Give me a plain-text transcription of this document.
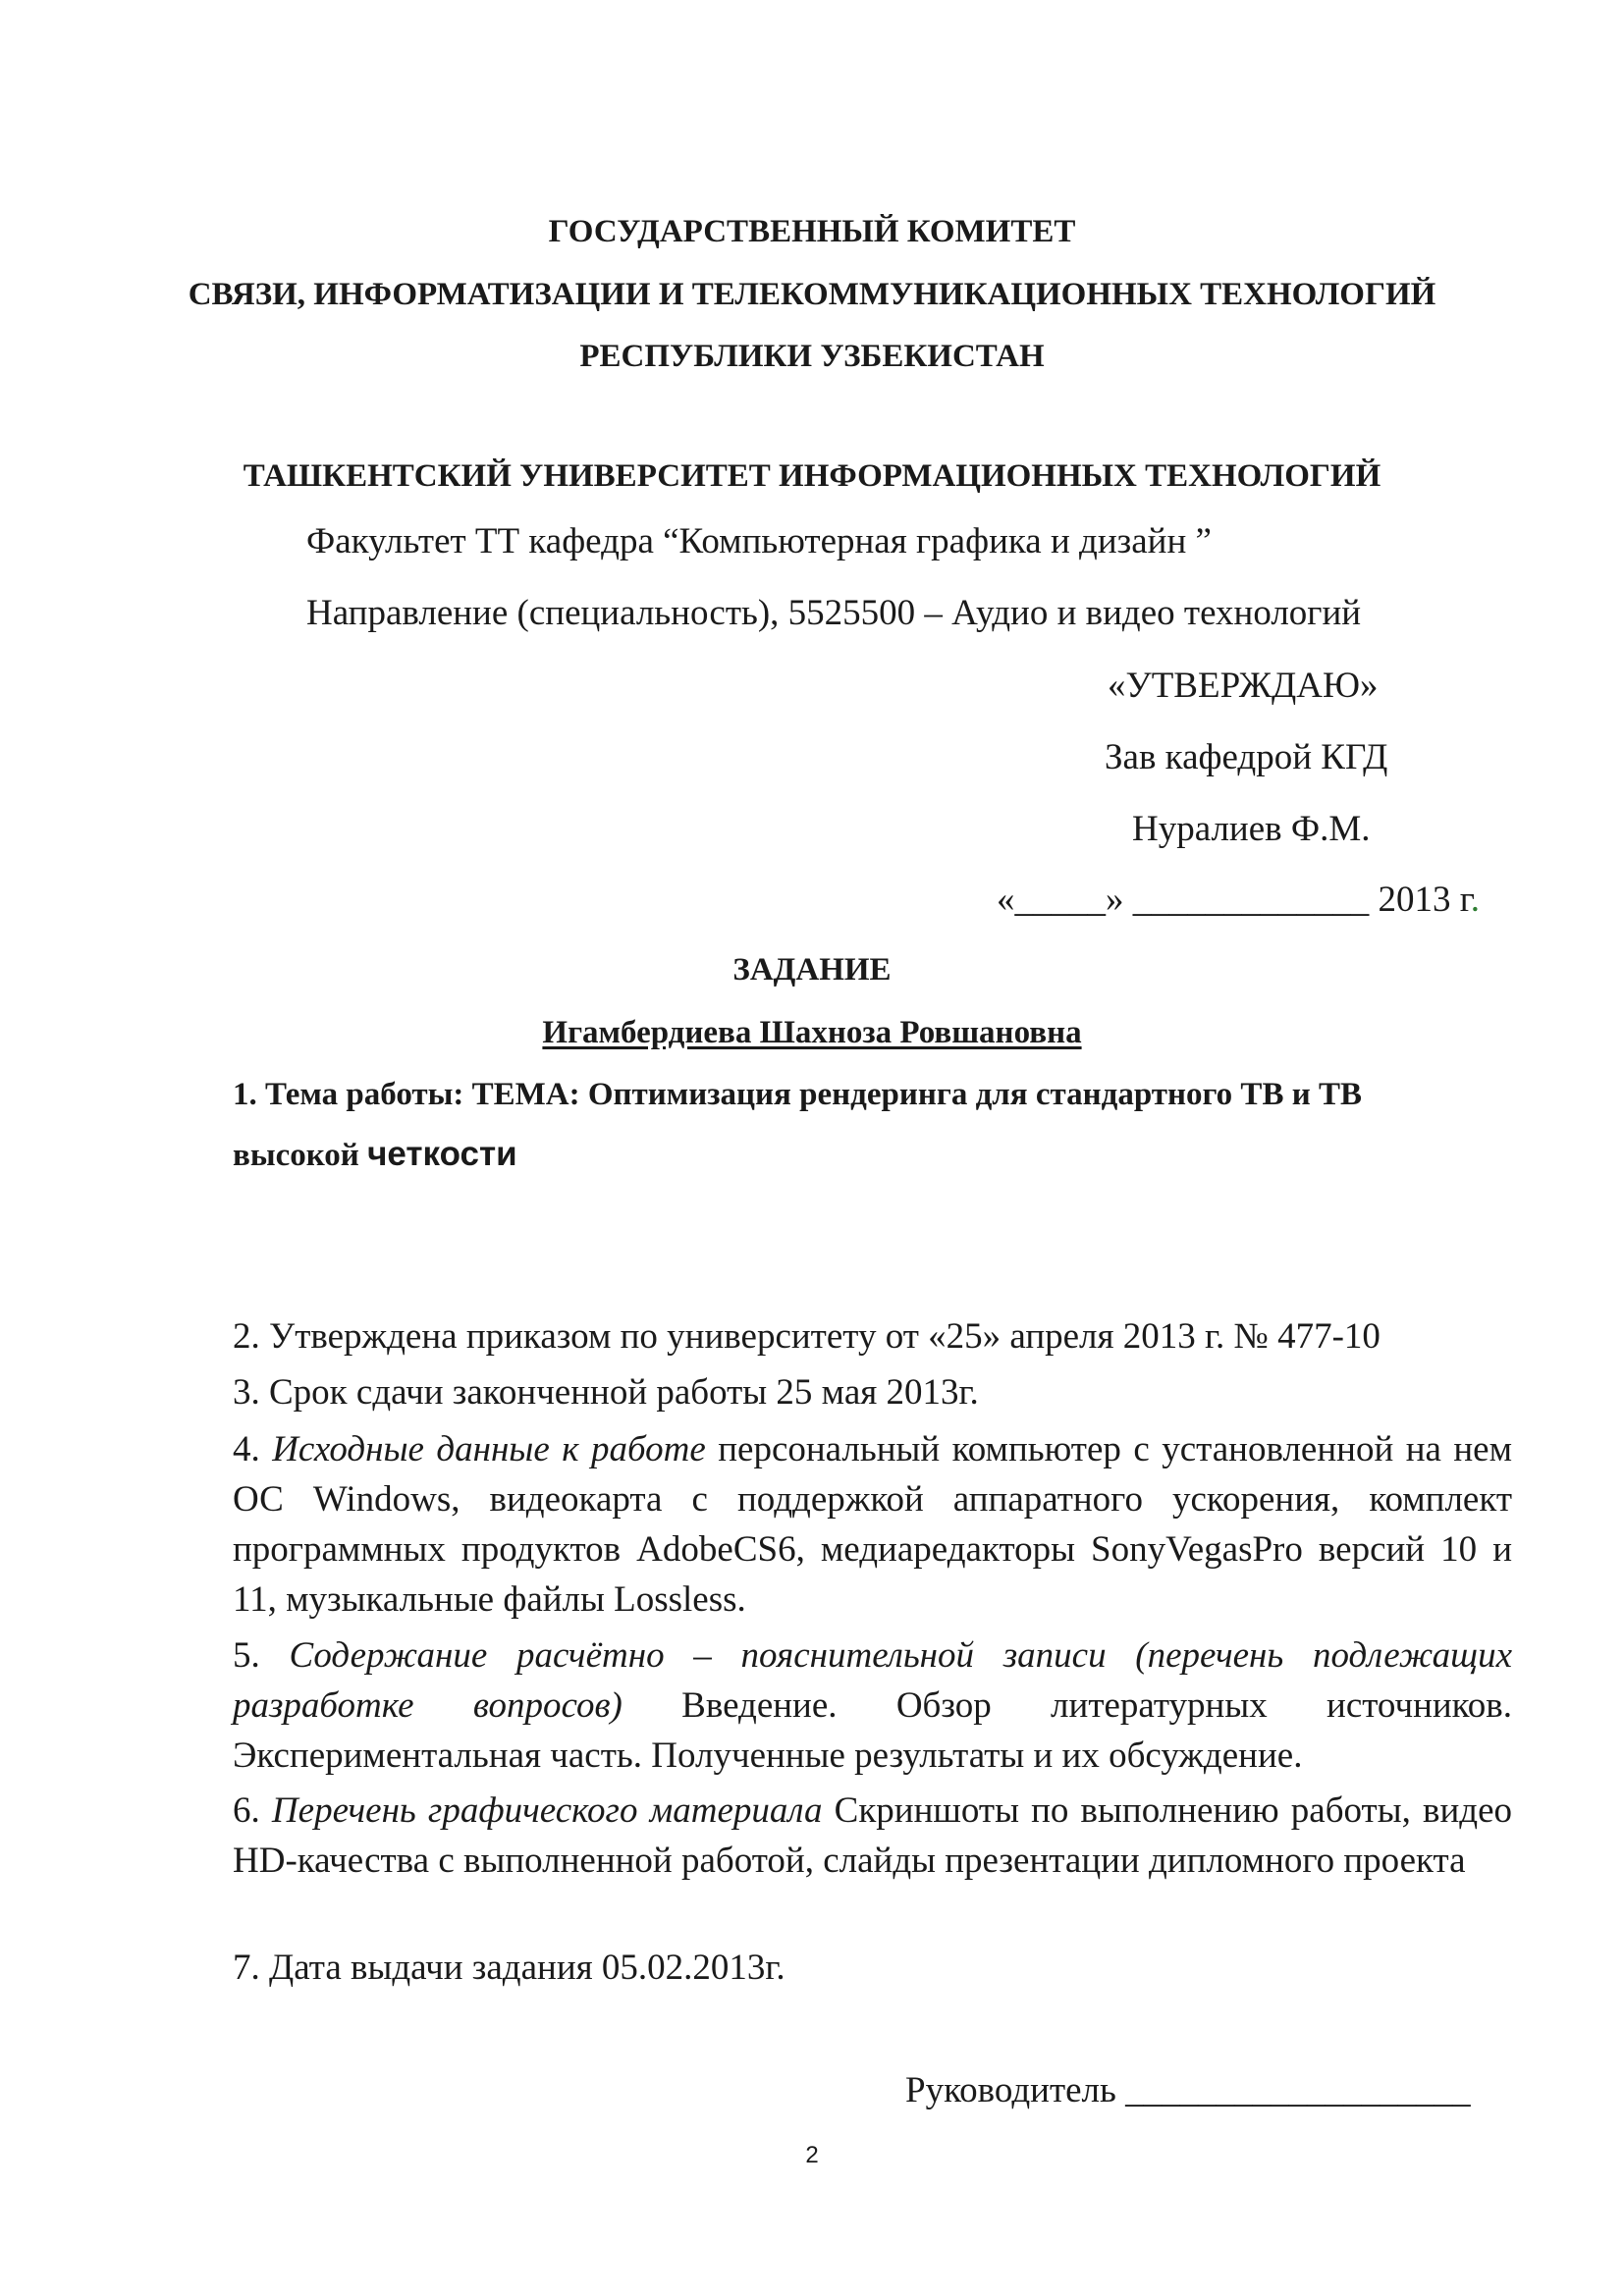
ГОСУДАРСТВЕННЫЙ КОМИТЕТ
СВЯЗИ, ИНФОРМАТИЗАЦИИ И ТЕЛЕКОММУНИКАЦИОННЫХ ТЕХНОЛОГИЙ
РЕСПУБЛИКИ УЗБЕКИСТАН
ТАШКЕНТСКИЙ УНИВЕРСИТЕТ ИНФОРМАЦИОННЫХ ТЕХНОЛОГИЙ
Факультет ТТ кафедра “Компьютерная графика и дизайн ”
Направление (специальность), 5525500 – Аудио и видео технологий
«УТВЕРЖДАЮ»
Зав кафедрой КГД
Нуралиев Ф.М.
«_____» _____________ 2013 г.
ЗАДАНИЕ
Игамбердиева Шахноза Ровшановна
1. Тема работы: ТЕМА: Оптимизация рендеринга для стандартного ТВ и ТВ
высокой четкости
2. Утверждена приказом по университету от «25» апреля 2013 г. № 477-10
3. Срок сдачи законченной работы 25 мая 2013г.
4. Исходные данные к работе персональный компьютер с установленной на нем ОС Windows, видеокарта с поддержкой аппаратного ускорения, комплект программных продуктов AdobeCS6, медиаредакторы SonyVegasPro версий 10 и 11, музыкальные файлы Lossless.
5. Содержание расчётно – пояснительной записи (перечень подлежащих разработке вопросов) Введение. Обзор литературных источников. Экспериментальная часть. Полученные результаты и их обсуждение.
6. Перечень графического материала Скриншоты по выполнению работы, видео HD-качества с выполненной работой, слайды презентации дипломного проекта
7. Дата выдачи задания 05.02.2013г.
Руководитель ___________________
2
